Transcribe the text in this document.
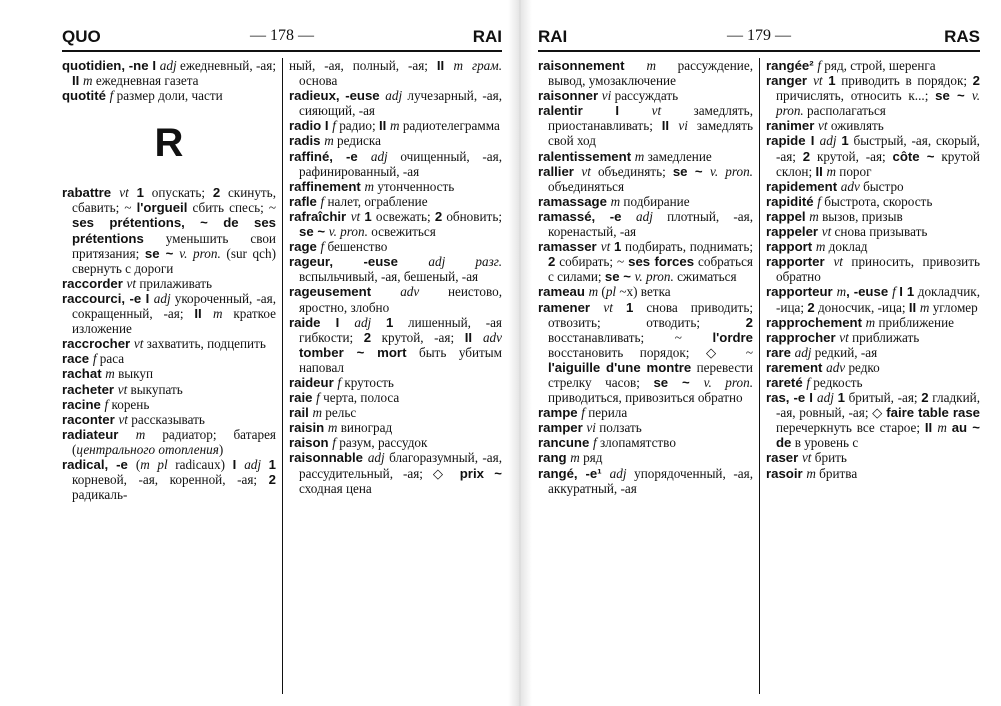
QUO	— 178 —	RAI

quotidien, -ne I adj ежедневный, -ая; II m ежедневная газета

quotité f размер доли, части

R

rabattre vt 1 опускать; 2 скинуть, сбавить; ~ l'orgueil сбить спесь; ~ ses prétentions, ~ de ses prétentions уменьшить свои притязания; se ~ v. pron. (sur qch) свернуть с дороги

raccorder vt прилаживать

raccourci, -e I adj укороченный, -ая, сокращенный, -ая; II m краткое изложение

raccrocher vt захватить, подцепить

race f раса

rachat m выкуп

racheter vt выкупать

racine f корень

raconter vt рассказывать

radiateur m радиатор; батарея (центрального отопления)

radical, -e (m pl radicaux) I adj 1 корневой, -ая, коренной, -ая; 2 радикаль-

ный, -ая, полный, -ая; II m грам. основа

radieux, -euse adj лучезарный, -ая, сияющий, -ая

radio I f радио; II m радиотелеграмма

radis m редиска

raffiné, -e adj очищенный, -ая, рафинированный, -ая

raffinement m утонченность

rafle f налет, ограбление

rafraîchir vt 1 освежать; 2 обновить; se ~ v. pron. освежиться

rage f бешенство

rageur, -euse adj разг. вспыльчивый, -ая, бешеный, -ая

rageusement adv неистово, яростно, злобно

raide I adj 1 лишенный, -ая гибкости; 2 крутой, -ая; II adv tomber ~ mort быть убитым наповал

raideur f крутость

raie f черта, полоса

rail m рельс

raisin m виноград

raison f разум, рассудок

raisonnable adj благоразумный, -ая, рассудительный, -ая; ◇ prix ~ сходная цена

RAI	— 179 —	RAS

raisonnement m рассуждение, вывод, умозаключение

raisonner vi рассуждать

ralentir I vt замедлять, приостанавливать; II vi замедлять свой ход

ralentissement m замедление

rallier vt объединять; se ~ v. pron. объединяться

ramassage m подбирание

ramassé, -e adj плотный, -ая, коренастый, -ая

ramasser vt 1 подбирать, поднимать; 2 собирать; ~ ses forces собраться с силами; se ~ v. pron. сжиматься

rameau m (pl ~x) ветка

ramener vt 1 снова приводить; отвозить; отводить; 2 восстанавливать; ~ l'ordre восстановить порядок; ◇ ~ l'aiguille d'une montre перевести стрелку часов; se ~ v. pron. приводиться, привозиться обратно

rampe f перила

ramper vi ползать

rancune f злопамятство

rang m ряд

rangé, -e¹ adj упорядоченный, -ая, аккуратный, -ая

rangée² f ряд, строй, шеренга

ranger vt 1 приводить в порядок; 2 причислять, относить к...; se ~ v. pron. располагаться

ranimer vt оживлять

rapide I adj 1 быстрый, -ая, скорый, -ая; 2 крутой, -ая; côte ~ крутой склон; II m порог

rapidement adv быстро

rapidité f быстрота, скорость

rappel m вызов, призыв

rappeler vt снова призывать

rapport m доклад

rapporter vt приносить, привозить обратно

rapporteur m, -euse f I 1 докладчик, -ица; 2 доносчик, -ица; II m угломер

rapprochement m приближение

rapprocher vt приближать

rare adj редкий, -ая

rarement adv редко

rareté f редкость

ras, -e I adj 1 бритый, -ая; 2 гладкий, -ая, ровный, -ая; ◇ faire table rase перечеркнуть все старое; II m au ~ de в уровень с

raser vt брить

rasoir m бритва
